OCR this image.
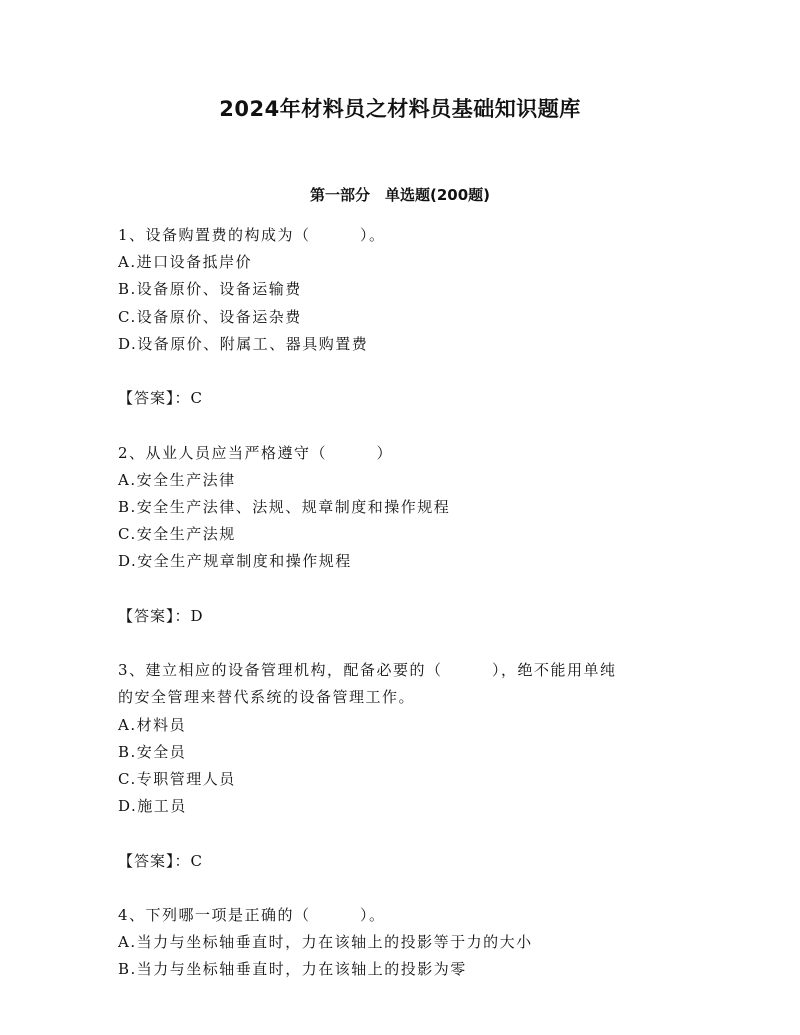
2024年材料员之材料员基础知识题库
第一部分　单选题(200题)
1、设备购置费的构成为（　　　）。
A.进口设备抵岸价
B.设备原价、设备运输费
C.设备原价、设备运杂费
D.设备原价、附属工、器具购置费
【答案】：C
2、从业人员应当严格遵守（　　　）
A.安全生产法律
B.安全生产法律、法规、规章制度和操作规程
C.安全生产法规
D.安全生产规章制度和操作规程
【答案】：D
3、建立相应的设备管理机构，配备必要的（　　　），绝不能用单纯
的安全管理来替代系统的设备管理工作。
A.材料员
B.安全员
C.专职管理人员
D.施工员
【答案】：C
4、下列哪一项是正确的（　　　）。
A.当力与坐标轴垂直时，力在该轴上的投影等于力的大小
B.当力与坐标轴垂直时，力在该轴上的投影为零
